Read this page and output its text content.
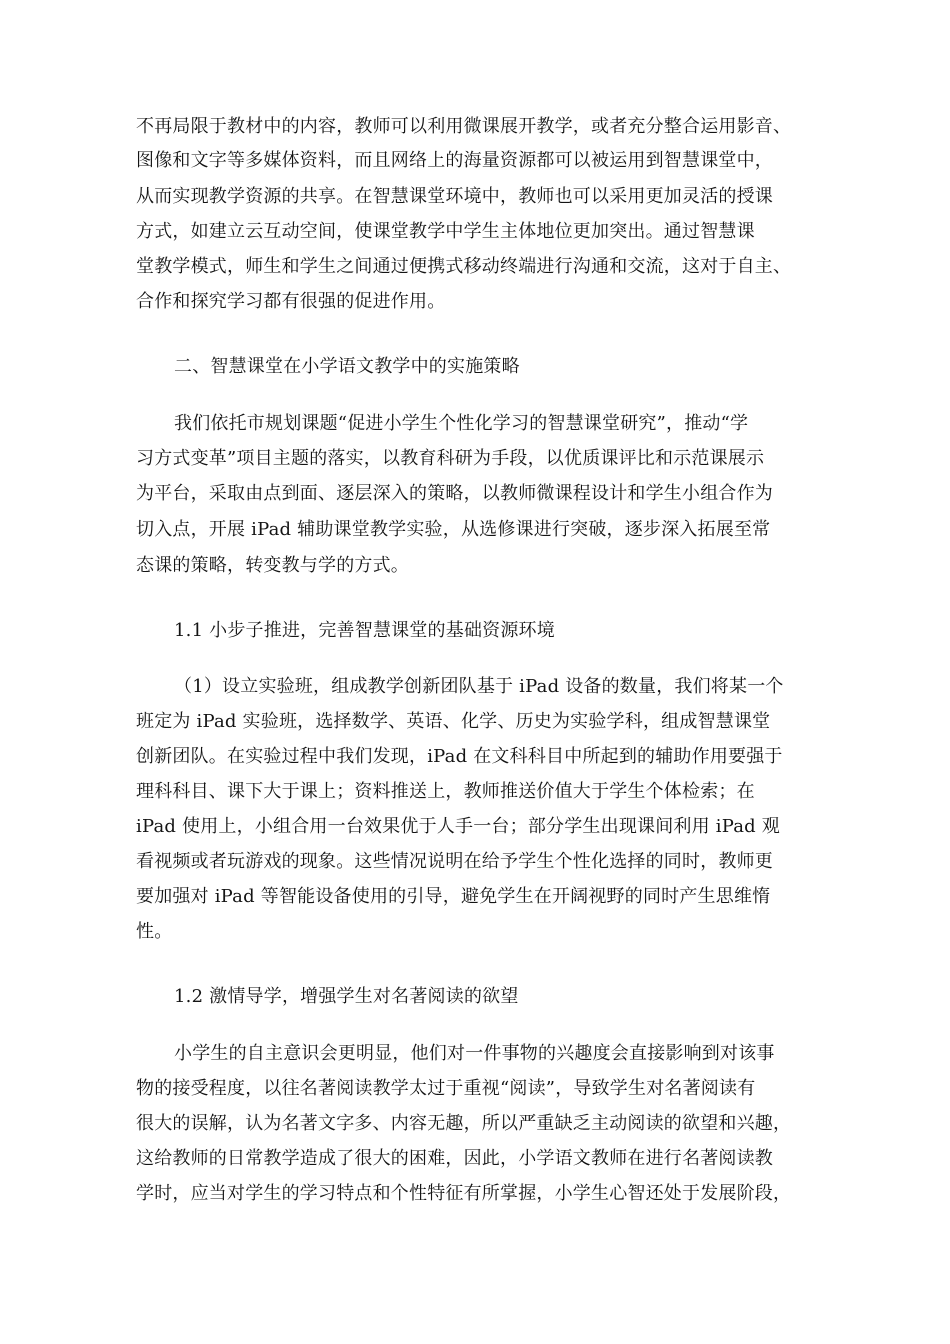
不再局限于教材中的内容，教师可以利用微课展开教学，或者充分整合运用影音、
图像和文字等多媒体资料，而且网络上的海量资源都可以被运用到智慧课堂中，
从而实现教学资源的共享。在智慧课堂环境中，教师也可以采用更加灵活的授课
方式，如建立云互动空间，使课堂教学中学生主体地位更加突出。通过智慧课
堂教学模式，师生和学生之间通过便携式移动终端进行沟通和交流，这对于自主、
合作和探究学习都有很强的促进作用。
二、智慧课堂在小学语文教学中的实施策略
我们依托市规划课题“促进小学生个性化学习的智慧课堂研究”，推动“学
习方式变革”项目主题的落实，以教育科研为手段，以优质课评比和示范课展示
为平台，采取由点到面、逐层深入的策略，以教师微课程设计和学生小组合作为
切入点，开展 iPad 辅助课堂教学实验，从选修课进行突破，逐步深入拓展至常
态课的策略，转变教与学的方式。
1.1 小步子推进，完善智慧课堂的基础资源环境
（1）设立实验班，组成教学创新团队基于 iPad 设备的数量，我们将某一个
班定为 iPad 实验班，选择数学、英语、化学、历史为实验学科，组成智慧课堂
创新团队。在实验过程中我们发现，iPad 在文科科目中所起到的辅助作用要强于
理科科目、课下大于课上；资料推送上，教师推送价值大于学生个体检索；在
iPad 使用上，小组合用一台效果优于人手一台；部分学生出现课间利用 iPad 观
看视频或者玩游戏的现象。这些情况说明在给予学生个性化选择的同时，教师更
要加强对 iPad 等智能设备使用的引导，避免学生在开阔视野的同时产生思维惰
性。
1.2 激情导学，增强学生对名著阅读的欲望
小学生的自主意识会更明显，他们对一件事物的兴趣度会直接影响到对该事
物的接受程度，以往名著阅读教学太过于重视“阅读”，导致学生对名著阅读有
很大的误解，认为名著文字多、内容无趣，所以严重缺乏主动阅读的欲望和兴趣，
这给教师的日常教学造成了很大的困难，因此，小学语文教师在进行名著阅读教
学时，应当对学生的学习特点和个性特征有所掌握，小学生心智还处于发展阶段，
